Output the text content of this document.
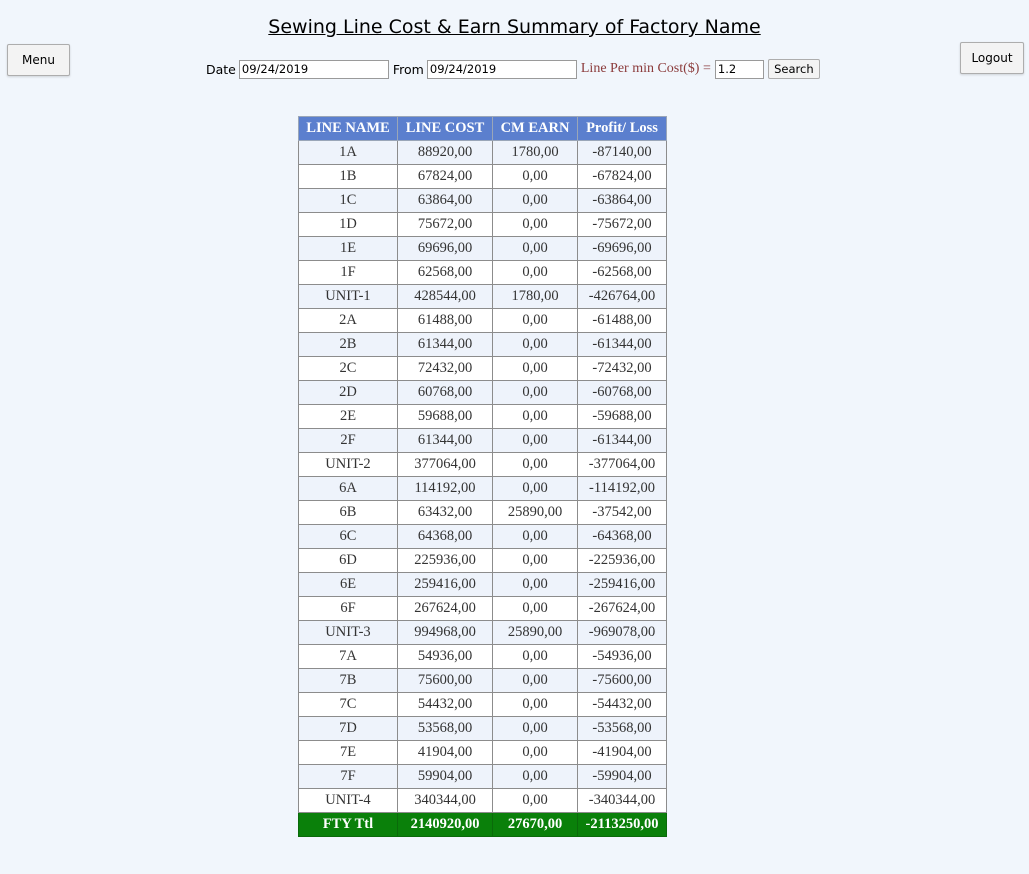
Sewing Line Cost & Earn Summary of Factory Name
Menu	Logout
Date
09/24/2019	From
09/24/2019	Line Per min Cost($) =
1.2	Search
LINE NAME	LINE COST	CM EARN	Profit/ Loss
1A	88920,00	1780,00	-87140,00
1B	67824,00	0,00	-67824,00
1C	63864,00	0,00	-63864,00
1D	75672,00	0,00	-75672,00
1E	69696,00	0,00	-69696,00
1F	62568,00	0,00	-62568,00
UNIT-1	428544,00	1780,00	-426764,00
2A	61488,00	0,00	-61488,00
2B	61344,00	0,00	-61344,00
2C	72432,00	0,00	-72432,00
2D	60768,00	0,00	-60768,00
2E	59688,00	0,00	-59688,00
2F	61344,00	0,00	-61344,00
UNIT-2	377064,00	0,00	-377064,00
6A	114192,00	0,00	-114192,00
6B	63432,00	25890,00	-37542,00
6C	64368,00	0,00	-64368,00
6D	225936,00	0,00	-225936,00
6E	259416,00	0,00	-259416,00
6F	267624,00	0,00	-267624,00
UNIT-3	994968,00	25890,00	-969078,00
7A	54936,00	0,00	-54936,00
7B	75600,00	0,00	-75600,00
7C	54432,00	0,00	-54432,00
7D	53568,00	0,00	-53568,00
7E	41904,00	0,00	-41904,00
7F	59904,00	0,00	-59904,00
UNIT-4	340344,00	0,00	-340344,00
FTY Ttl	2140920,00	27670,00	-2113250,00
